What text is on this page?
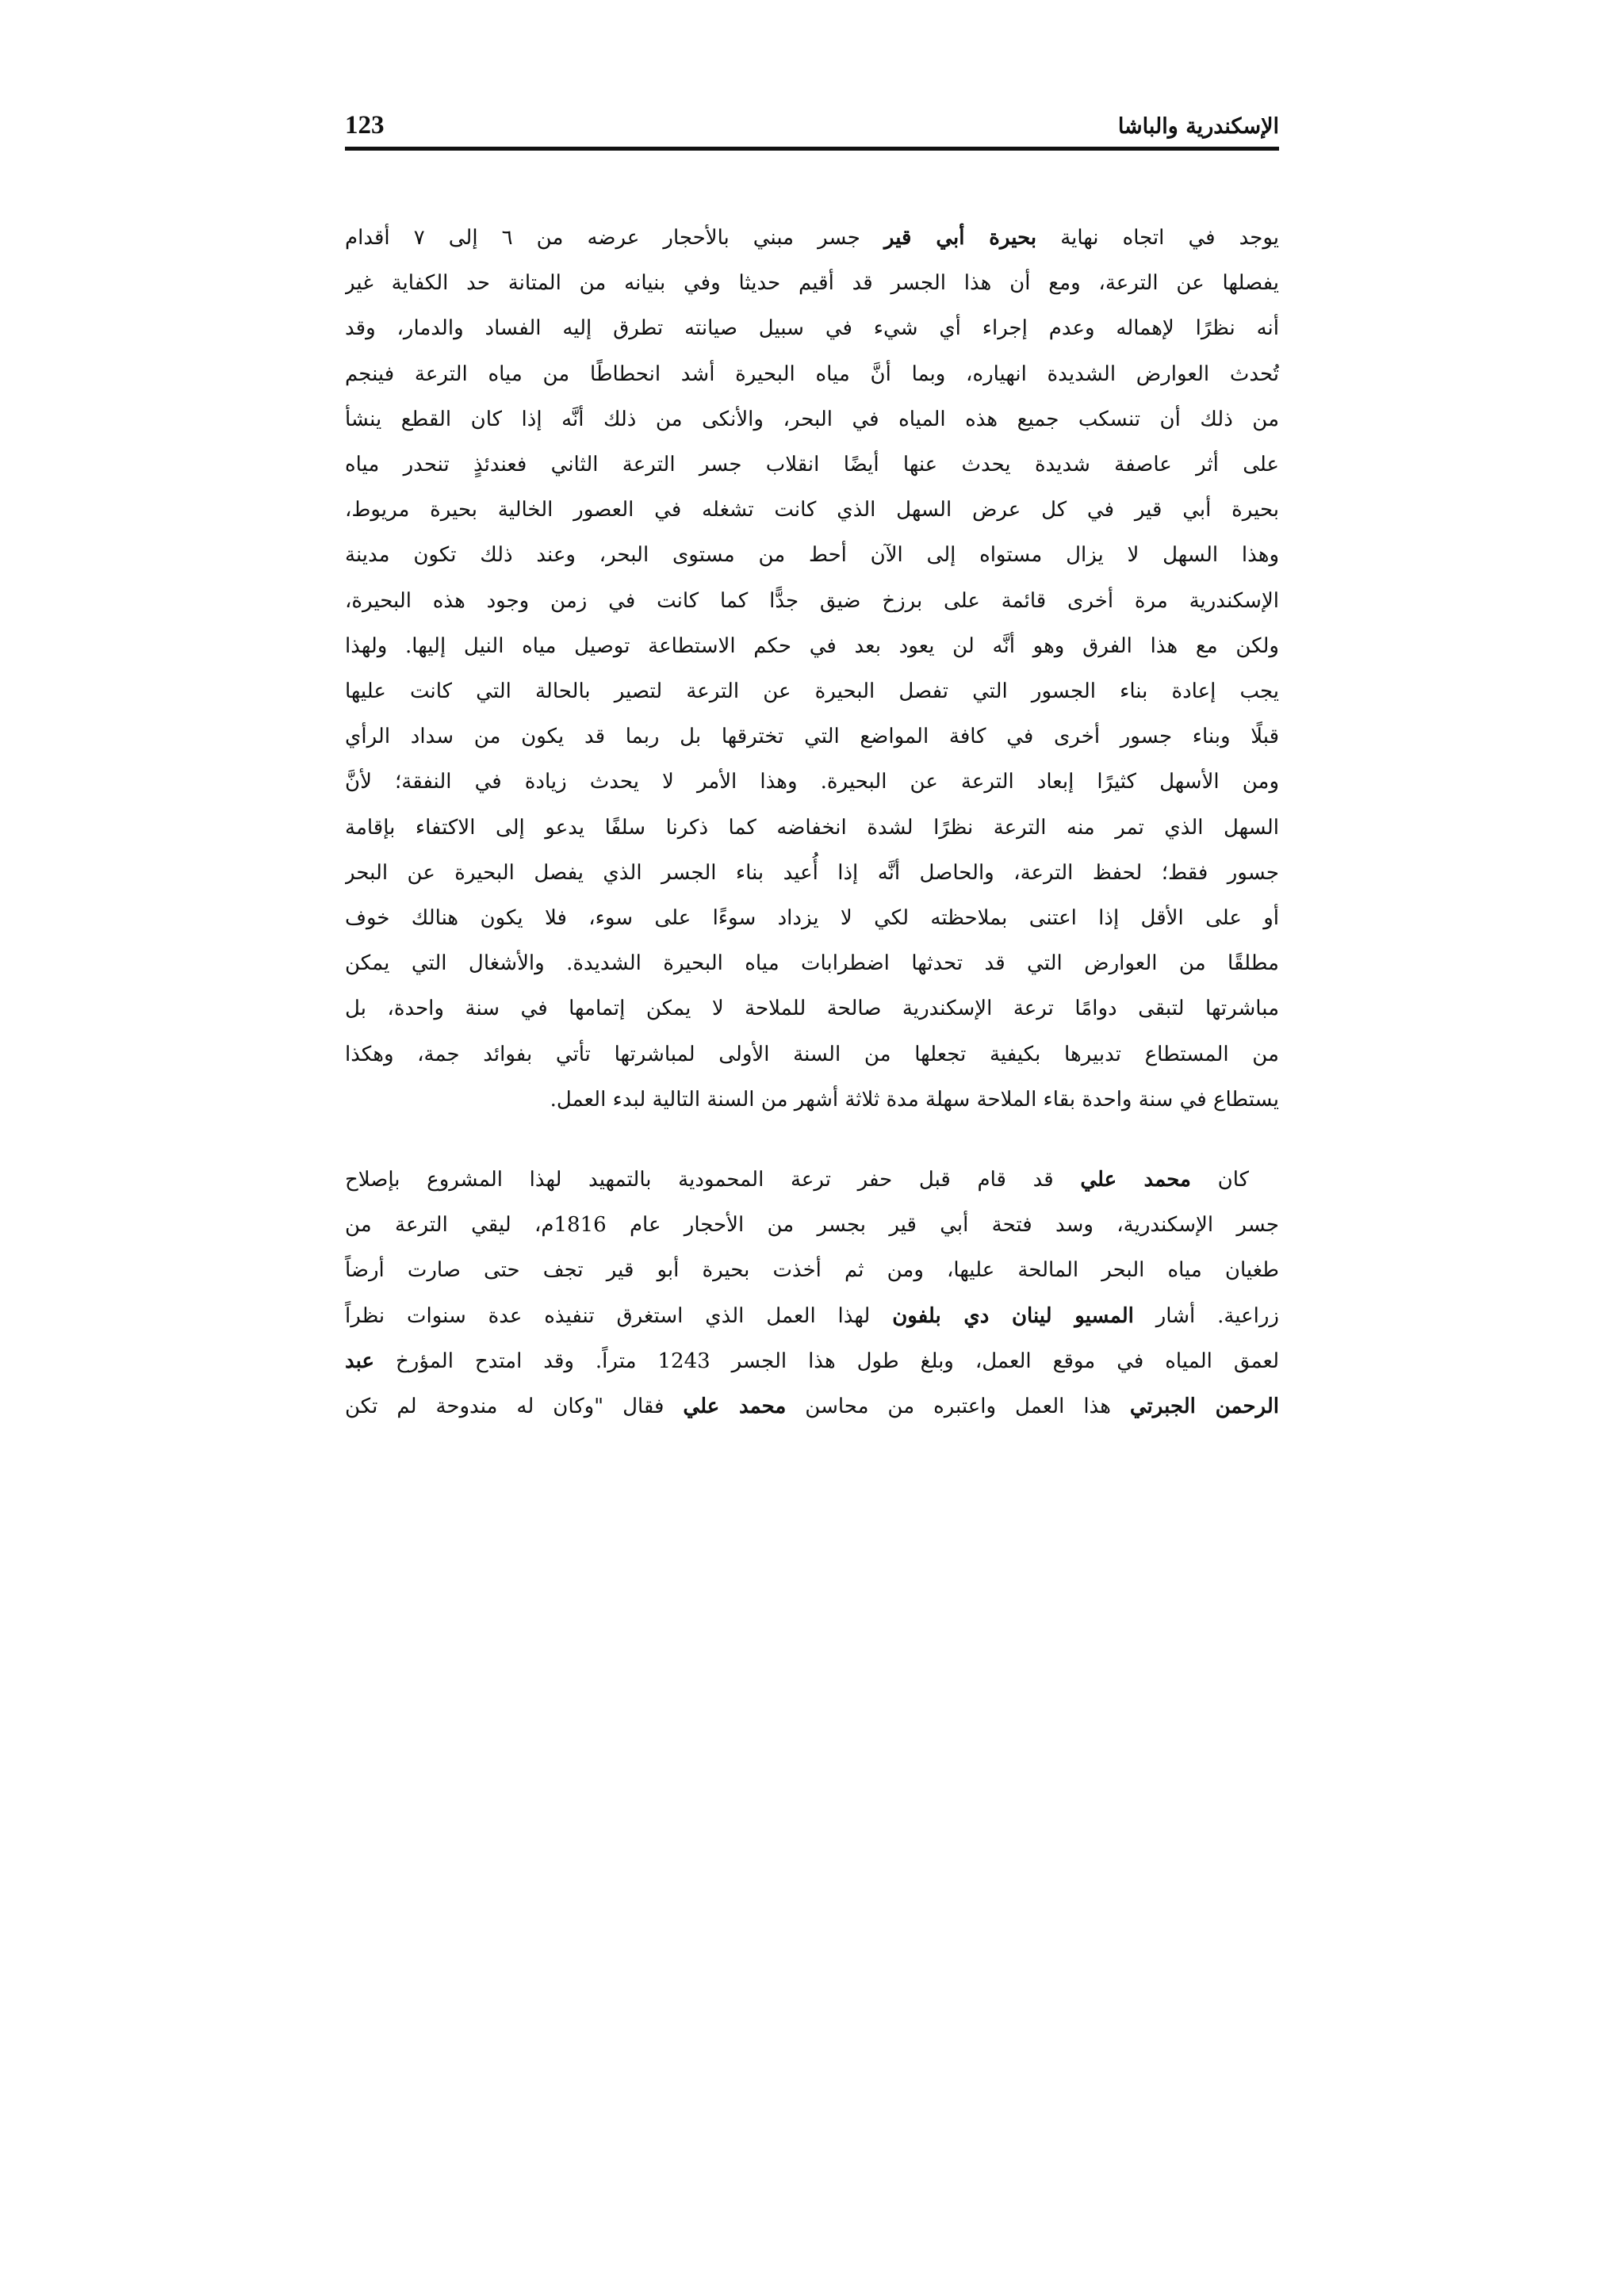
الإسكندرية والباشا
123

يوجد في اتجاه نهاية بحيرة أبي قير جسر مبني بالأحجار عرضه من ٦ إلى ٧ أقدام
يفصلها عن الترعة، ومع أن هذا الجسر قد أقيم حديثا وفي بنيانه من المتانة حد الكفاية غير
أنه نظرًا لإهماله وعدم إجراء أي شيء في سبيل صيانته تطرق إليه الفساد والدمار، وقد
تُحدث العوارض الشديدة انهياره، وبما أنَّ مياه البحيرة أشد انحطاطًا من مياه الترعة فينجم
من ذلك أن تنسكب جميع هذه المياه في البحر، والأنكى من ذلك أنَّه إذا كان القطع ينشأ
على أثر عاصفة شديدة يحدث عنها أيضًا انقلاب جسر الترعة الثاني فعندئذٍ تنحدر مياه
بحيرة أبي قير في كل عرض السهل الذي كانت تشغله في العصور الخالية بحيرة مريوط،
وهذا السهل لا يزال مستواه إلى الآن أحط من مستوى البحر، وعند ذلك تكون مدينة
الإسكندرية مرة أخرى قائمة على برزخ ضيق جدًّا كما كانت في زمن وجود هذه البحيرة،
ولكن مع هذا الفرق وهو أنَّه لن يعود بعد في حكم الاستطاعة توصيل مياه النيل إليها. ولهذا
يجب إعادة بناء الجسور التي تفصل البحيرة عن الترعة لتصير بالحالة التي كانت عليها
قبلًا وبناء جسور أخرى في كافة المواضع التي تخترقها بل ربما قد يكون من سداد الرأي
ومن الأسهل كثيرًا إبعاد الترعة عن البحيرة. وهذا الأمر لا يحدث زيادة في النفقة؛ لأنَّ
السهل الذي تمر منه الترعة نظرًا لشدة انخفاضه كما ذكرنا سلفًا يدعو إلى الاكتفاء بإقامة
جسور فقط؛ لحفظ الترعة، والحاصل أنَّه إذا أُعيد بناء الجسر الذي يفصل البحيرة عن البحر
أو على الأقل إذا اعتنى بملاحظته لكي لا يزداد سوءًا على سوء، فلا يكون هنالك خوف
مطلقًا من العوارض التي قد تحدثها اضطرابات مياه البحيرة الشديدة. والأشغال التي يمكن
مباشرتها لتبقى دوامًا ترعة الإسكندرية صالحة للملاحة لا يمكن إتمامها في سنة واحدة، بل
من المستطاع تدبيرها بكيفية تجعلها من السنة الأولى لمباشرتها تأتي بفوائد جمة، وهكذا
يستطاع في سنة واحدة بقاء الملاحة سهلة مدة ثلاثة أشهر من السنة التالية لبدء العمل.

كان محمد علي قد قام قبل حفر ترعة المحمودية بالتمهيد لهذا المشروع بإصلاح
جسر الإسكندرية، وسد فتحة أبي قير بجسر من الأحجار عام 1816م، ليقي الترعة من
طغيان مياه البحر المالحة عليها، ومن ثم أخذت بحيرة أبو قير تجف حتى صارت أرضاً
زراعية. أشار المسيو لينان دي بلفون لهذا العمل الذي استغرق تنفيذه عدة سنوات نظراً
لعمق المياه في موقع العمل، وبلغ طول هذا الجسر 1243 متراً. وقد امتدح المؤرخ عبد
الرحمن الجبرتي هذا العمل واعتبره من محاسن محمد علي فقال "وكان له مندوحة لم تكن
